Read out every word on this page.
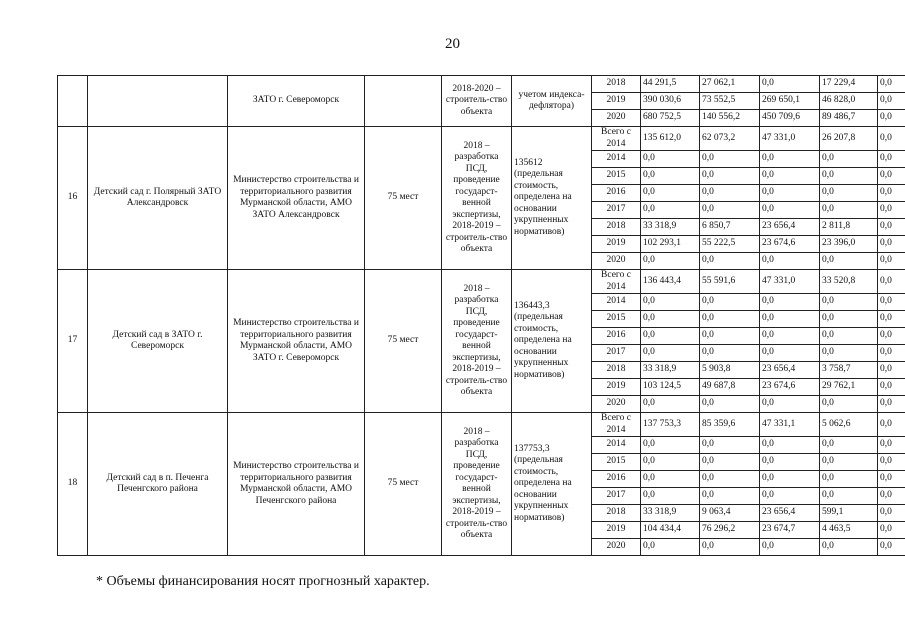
20
		ЗАТО г. Североморск		2018-2020 – строитель-ство объекта	учетом индекса-дефлятора)	2018	44 291,5	27 062,1	0,0	17 229,4	0,0
						2019	390 030,6	73 552,5	269 650,1	46 828,0	0,0
						2020	680 752,5	140 556,2	450 709,6	89 486,7	0,0
16	Детский сад г. Полярный ЗАТО Александровск	Министерство строительства и территориального развития Мурманской области, АМО ЗАТО Александровск	75 мест	2018 – разработка ПСД, проведение государст-венной экспертизы, 2018-2019 – строитель-ство объекта	135612 (предельная стоимость, определена на основании укрупненных нормативов)	Всего с 2014	135 612,0	62 073,2	47 331,0	26 207,8	0,0
						2014	0,0	0,0	0,0	0,0	0,0
						2015	0,0	0,0	0,0	0,0	0,0
						2016	0,0	0,0	0,0	0,0	0,0
						2017	0,0	0,0	0,0	0,0	0,0
						2018	33 318,9	6 850,7	23 656,4	2 811,8	0,0
						2019	102 293,1	55 222,5	23 674,6	23 396,0	0,0
						2020	0,0	0,0	0,0	0,0	0,0
17	Детский сад в ЗАТО г. Североморск	Министерство строительства и территориального развития Мурманской области, АМО ЗАТО г. Североморск	75 мест	2018 – разработка ПСД, проведение государст-венной экспертизы, 2018-2019 – строитель-ство объекта	136443,3 (предельная стоимость, определена на основании укрупненных нормативов)	Всего с 2014	136 443,4	55 591,6	47 331,0	33 520,8	0,0
						2014	0,0	0,0	0,0	0,0	0,0
						2015	0,0	0,0	0,0	0,0	0,0
						2016	0,0	0,0	0,0	0,0	0,0
						2017	0,0	0,0	0,0	0,0	0,0
						2018	33 318,9	5 903,8	23 656,4	3 758,7	0,0
						2019	103 124,5	49 687,8	23 674,6	29 762,1	0,0
						2020	0,0	0,0	0,0	0,0	0,0
18	Детский сад в п. Печенга Печенгского района	Министерство строительства и территориального развития Мурманской области, АМО Печенгского района	75 мест	2018 – разработка ПСД, проведение государст-венной экспертизы, 2018-2019 – строитель-ство объекта	137753,3 (предельная стоимость, определена на основании укрупненных нормативов)	Всего с 2014	137 753,3	85 359,6	47 331,1	5 062,6	0,0
						2014	0,0	0,0	0,0	0,0	0,0
						2015	0,0	0,0	0,0	0,0	0,0
						2016	0,0	0,0	0,0	0,0	0,0
						2017	0,0	0,0	0,0	0,0	0,0
						2018	33 318,9	9 063,4	23 656,4	599,1	0,0
						2019	104 434,4	76 296,2	23 674,7	4 463,5	0,0
						2020	0,0	0,0	0,0	0,0	0,0
* Объемы финансирования носят прогнозный характер.
